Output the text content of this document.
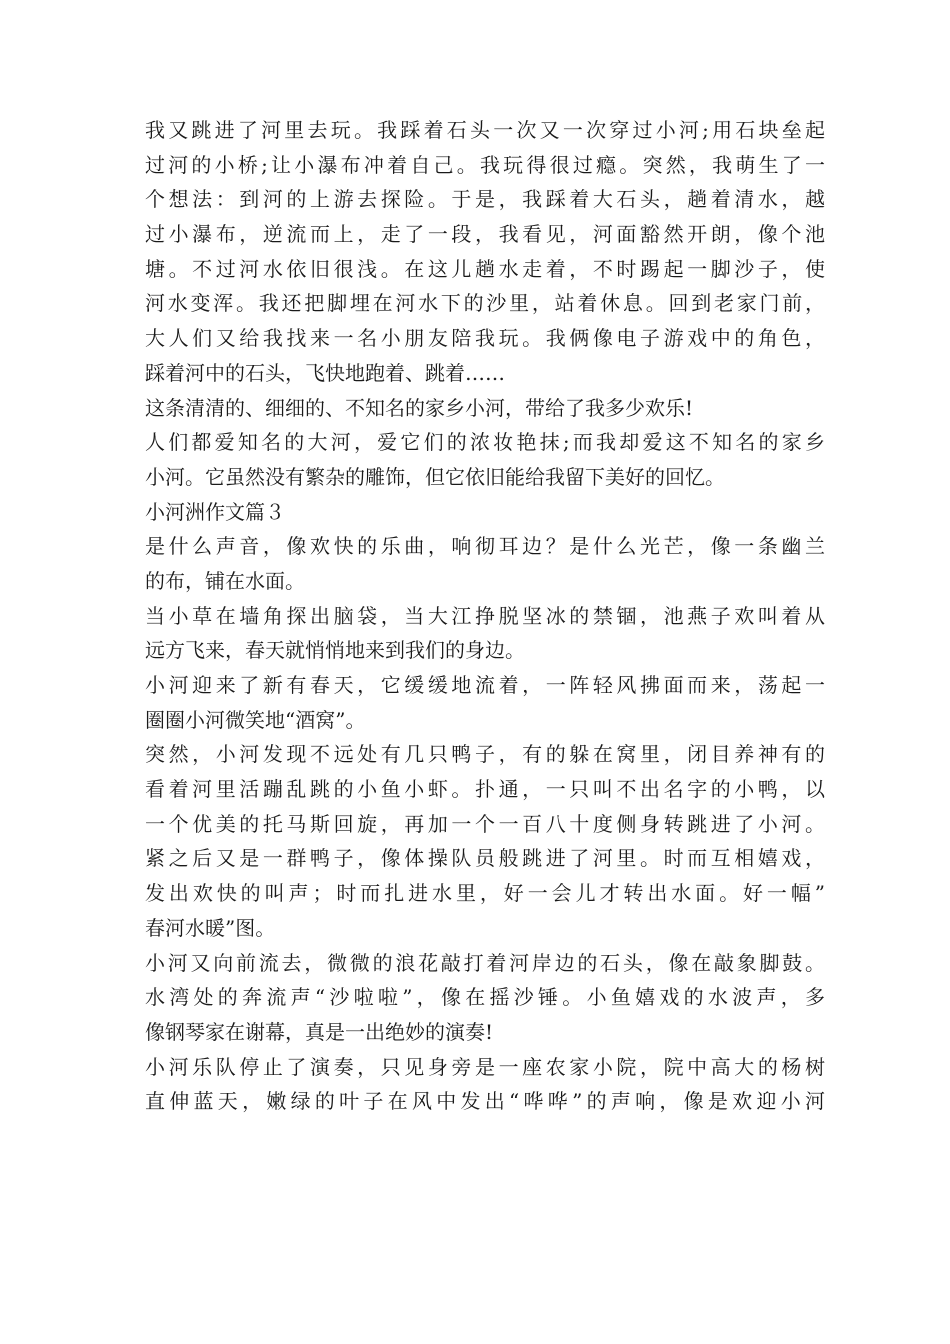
我又跳进了河里去玩。我踩着石头一次又一次穿过小河;用石块垒起
过河的小桥;让小瀑布冲着自己。我玩得很过瘾。突然，我萌生了一
个想法：到河的上游去探险。于是，我踩着大石头，趟着清水，越
过小瀑布，逆流而上，走了一段，我看见，河面豁然开朗，像个池
塘。不过河水依旧很浅。在这儿趟水走着，不时踢起一脚沙子，使
河水变浑。我还把脚埋在河水下的沙里，站着休息。回到老家门前，
大人们又给我找来一名小朋友陪我玩。我俩像电子游戏中的角色，
踩着河中的石头，飞快地跑着、跳着……
这条清清的、细细的、不知名的家乡小河，带给了我多少欢乐!
人们都爱知名的大河，爱它们的浓妆艳抹;而我却爱这不知名的家乡
小河。它虽然没有繁杂的雕饰，但它依旧能给我留下美好的回忆。
小河洲作文篇３
是什么声音，像欢快的乐曲，响彻耳边？是什么光芒，像一条幽兰
的布，铺在水面。
当小草在墙角探出脑袋，当大江挣脱坚冰的禁锢，池燕子欢叫着从
远方飞来，春天就悄悄地来到我们的身边。
小河迎来了新有春天，它缓缓地流着，一阵轻风拂面而来，荡起一
圈圈小河微笑地“酒窝”。
突然，小河发现不远处有几只鸭子，有的躲在窝里，闭目养神有的
看着河里活蹦乱跳的小鱼小虾。扑通，一只叫不出名字的小鸭，以
一个优美的托马斯回旋，再加一个一百八十度侧身转跳进了小河。
紧之后又是一群鸭子，像体操队员般跳进了河里。时而互相嬉戏，
发出欢快的叫声；时而扎进水里，好一会儿才转出水面。好一幅”
春河水暖”图。
小河又向前流去，微微的浪花敲打着河岸边的石头，像在敲象脚鼓。
水湾处的奔流声“沙啦啦”，像在摇沙锤。小鱼嬉戏的水波声，多
像钢琴家在谢幕，真是一出绝妙的演奏!
小河乐队停止了演奏，只见身旁是一座农家小院，院中高大的杨树
直伸蓝天，嫩绿的叶子在风中发出“哗哗”的声响，像是欢迎小河
